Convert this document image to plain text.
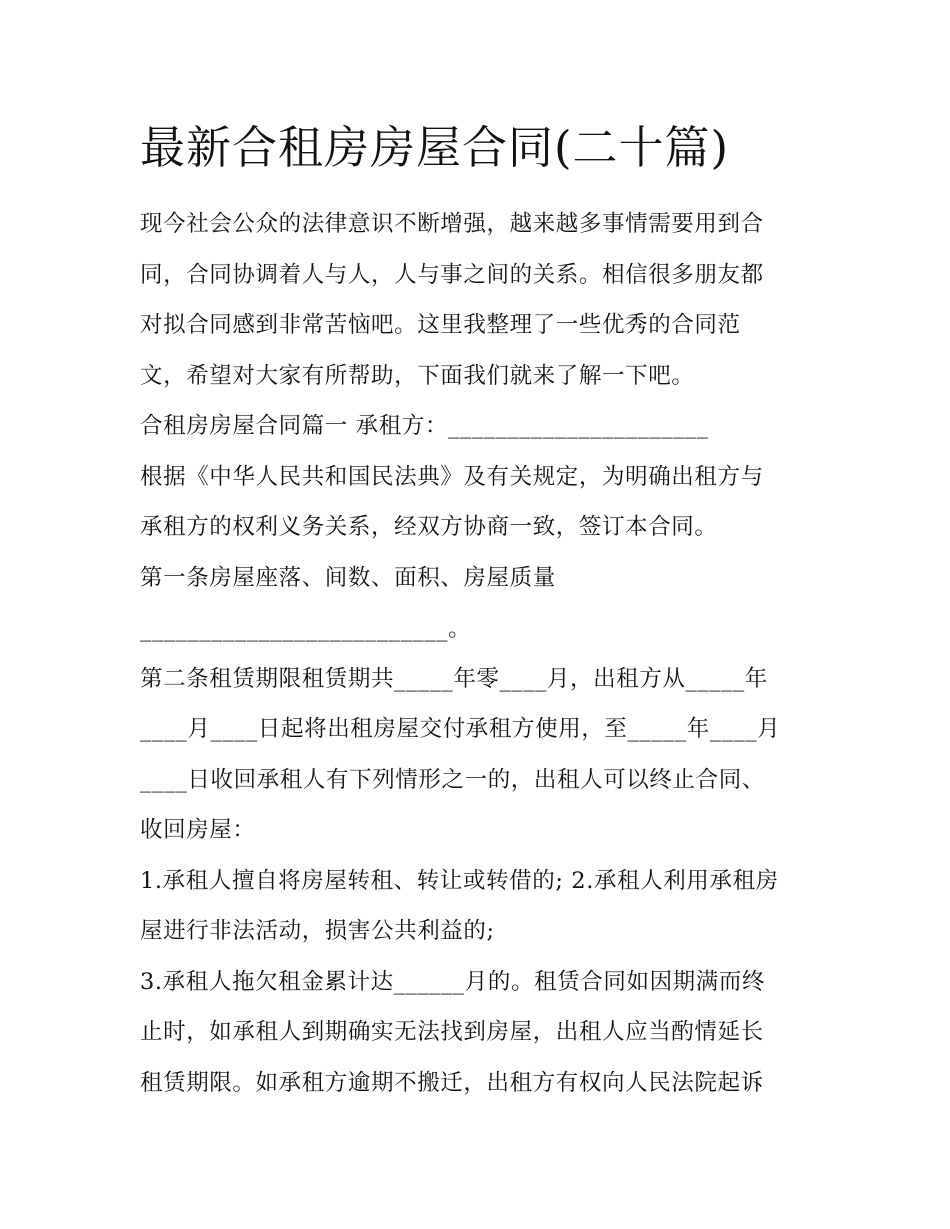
最新合租房房屋合同(二十篇)

现今社会公众的法律意识不断增强，越来越多事情需要用到合

同，合同协调着人与人，人与事之间的关系。相信很多朋友都

对拟合同感到非常苦恼吧。这里我整理了一些优秀的合同范

文，希望对大家有所帮助，下面我们就来了解一下吧。

合租房房屋合同篇一 承租方：______________________

根据《中华人民共和国民法典》及有关规定，为明确出租方与

承租方的权利义务关系，经双方协商一致，签订本合同。

第一条房屋座落、间数、面积、房屋质量

__________________________。

第二条租赁期限租赁期共_____年零____月，出租方从_____年

____月____日起将出租房屋交付承租方使用，至_____年____月

____日收回承租人有下列情形之一的，出租人可以终止合同、

收回房屋：

1.承租人擅自将房屋转租、转让或转借的; 2.承租人利用承租房

屋进行非法活动，损害公共利益的;

3.承租人拖欠租金累计达______月的。租赁合同如因期满而终

止时，如承租人到期确实无法找到房屋，出租人应当酌情延长

租赁期限。如承租方逾期不搬迁，出租方有权向人民法院起诉
